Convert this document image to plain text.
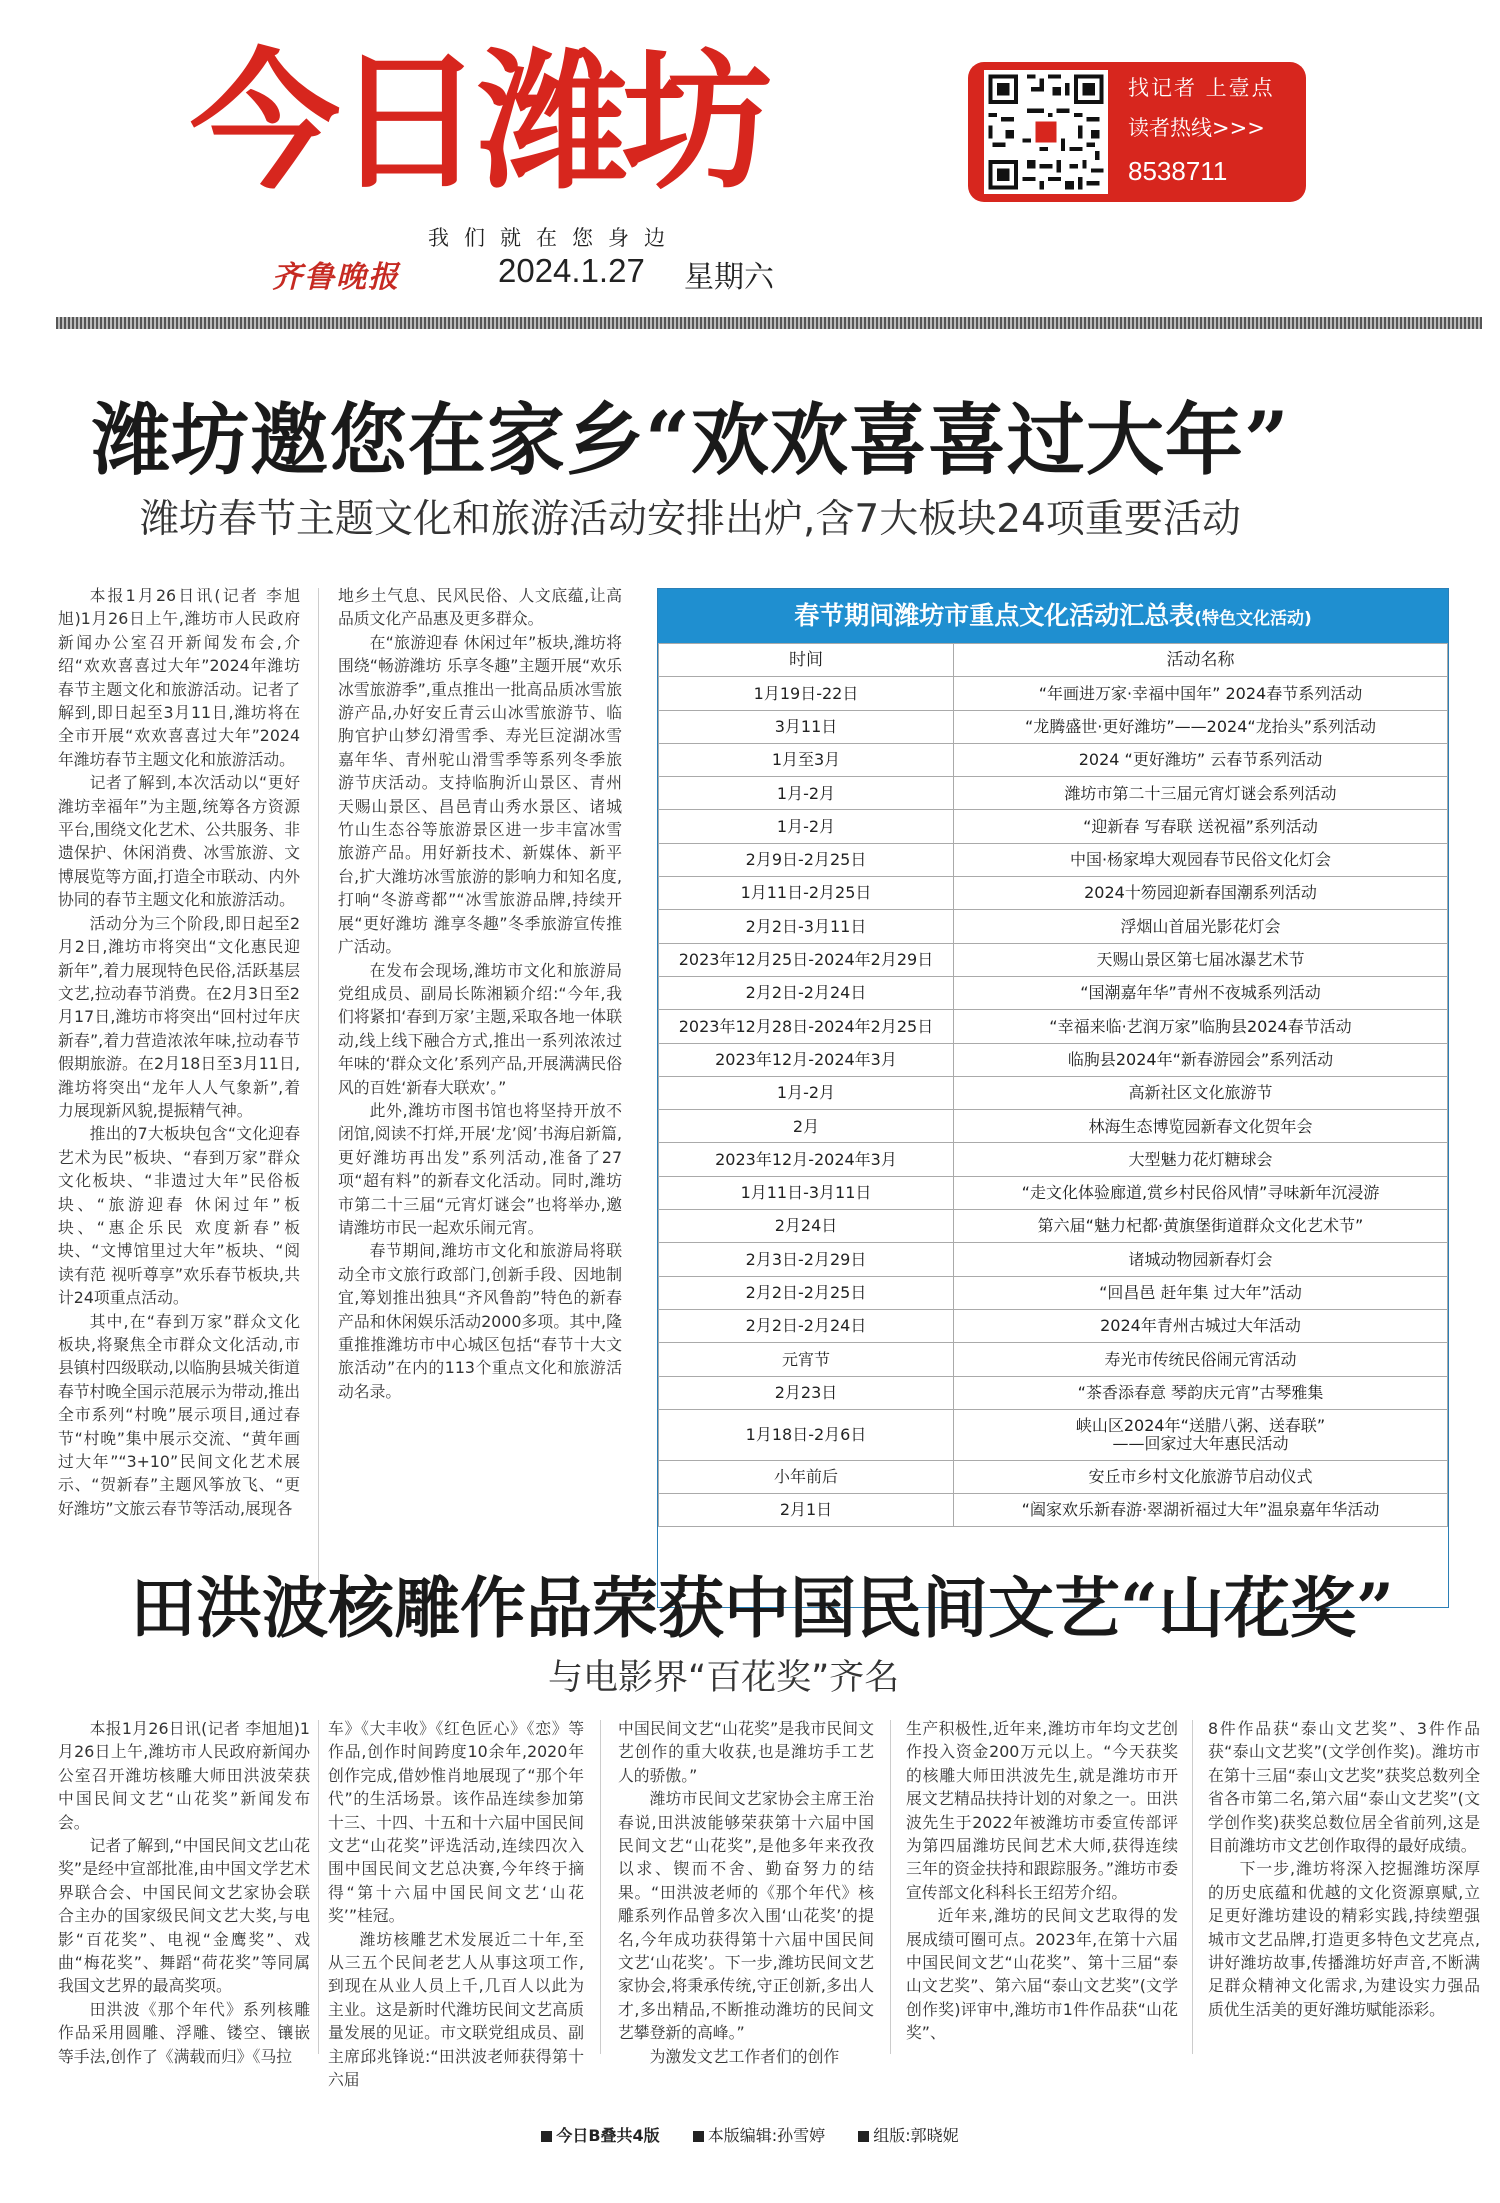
今日潍坊
我们就在您身边
齐鲁晚报	2024.1.27 星期六
找记者 上壹点
读者热线>>>
8538711
潍坊邀您在家乡“欢欢喜喜过大年”
潍坊春节主题文化和旅游活动安排出炉,含7大板块24项重要活动

本报1月26日讯(记者 李旭旭)1月26日上午,潍坊市人民政府新闻办公室召开新闻发布会,介绍“欢欢喜喜过大年”2024年潍坊春节主题文化和旅游活动。记者了解到,即日起至3月11日,潍坊将在全市开展“欢欢喜喜过大年”2024年潍坊春节主题文化和旅游活动。

记者了解到,本次活动以“更好潍坊幸福年”为主题,统筹各方资源平台,围绕文化艺术、公共服务、非遗保护、休闲消费、冰雪旅游、文博展览等方面,打造全市联动、内外协同的春节主题文化和旅游活动。

活动分为三个阶段,即日起至2月2日,潍坊市将突出“文化惠民迎新年”,着力展现特色民俗,活跃基层文艺,拉动春节消费。在2月3日至2月17日,潍坊市将突出“回村过年庆新春”,着力营造浓浓年味,拉动春节假期旅游。在2月18日至3月11日,潍坊将突出“龙年人人气象新”,着力展现新风貌,提振精气神。

推出的7大板块包含“文化迎春艺术为民”板块、“春到万家”群众文化板块、“非遗过大年”民俗板块、“旅游迎春 休闲过年”板块、“惠企乐民 欢度新春”板块、“文博馆里过大年”板块、“阅读有范 视听尊享”欢乐春节板块,共计24项重点活动。

其中,在“春到万家”群众文化板块,将聚焦全市群众文化活动,市县镇村四级联动,以临朐县城关街道春节村晚全国示范展示为带动,推出全市系列“村晚”展示项目,通过春节“村晚”集中展示交流、“黄年画 过大年”“3+10”民间文化艺术展示、“贺新春”主题风筝放飞、“更好潍坊”文旅云春节等活动,展现各

地乡土气息、民风民俗、人文底蕴,让高品质文化产品惠及更多群众。

在“旅游迎春 休闲过年”板块,潍坊将围绕“畅游潍坊 乐享冬趣”主题开展“欢乐冰雪旅游季”,重点推出一批高品质冰雪旅游产品,办好安丘青云山冰雪旅游节、临朐官护山梦幻滑雪季、寿光巨淀湖冰雪嘉年华、青州驼山滑雪季等系列冬季旅游节庆活动。支持临朐沂山景区、青州天赐山景区、昌邑青山秀水景区、诸城竹山生态谷等旅游景区进一步丰富冰雪旅游产品。用好新技术、新媒体、新平台,扩大潍坊冰雪旅游的影响力和知名度,打响“冬游鸢都”“冰雪旅游品牌,持续开展“更好潍坊 潍享冬趣”冬季旅游宣传推广活动。

在发布会现场,潍坊市文化和旅游局党组成员、副局长陈湘颖介绍:“今年,我们将紧扣‘春到万家’主题,采取各地一体联动,线上线下融合方式,推出一系列浓浓过年味的‘群众文化’系列产品,开展满满民俗风的百姓‘新春大联欢’。”

此外,潍坊市图书馆也将坚持开放不闭馆,阅读不打烊,开展‘龙’阅’书海启新篇,更好潍坊再出发”系列活动,准备了27项“超有料”的新春文化活动。同时,潍坊市第二十三届“元宵灯谜会”也将举办,邀请潍坊市民一起欢乐闹元宵。

春节期间,潍坊市文化和旅游局将联动全市文旅行政部门,创新手段、因地制宜,筹划推出独具“齐风鲁韵”特色的新春产品和休闲娱乐活动2000多项。其中,隆重推推潍坊市中心城区包括“春节十大文旅活动”在内的113个重点文化和旅游活动名录。

春节期间潍坊市重点文化活动汇总表(特色文化活动)
时间	活动名称
1月19日-22日	“年画进万家·幸福中国年” 2024春节系列活动
3月11日	“龙腾盛世·更好潍坊”——2024“龙抬头”系列活动
1月至3月	2024 “更好潍坊” 云春节系列活动
1月-2月	潍坊市第二十三届元宵灯谜会系列活动
1月-2月	“迎新春 写春联 送祝福”系列活动
2月9日-2月25日	中国·杨家埠大观园春节民俗文化灯会
1月11日-2月25日	2024十笏园迎新春国潮系列活动
2月2日-3月11日	浮烟山首届光影花灯会
2023年12月25日-2024年2月29日	天赐山景区第七届冰瀑艺术节
2月2日-2月24日	“国潮嘉年华”青州不夜城系列活动
2023年12月28日-2024年2月25日	“幸福来临·艺润万家”临朐县2024春节活动
2023年12月-2024年3月	临朐县2024年“新春游园会”系列活动
1月-2月	高新社区文化旅游节
2月	林海生态博览园新春文化贺年会
2023年12月-2024年3月	大型魅力花灯糖球会
1月11日-3月11日	“走文化体验廊道,赏乡村民俗风情”寻味新年沉浸游
2月24日	第六届“魅力杞都·黄旗堡街道群众文化艺术节”
2月3日-2月29日	诸城动物园新春灯会
2月2日-2月25日	“回昌邑 赶年集 过大年”活动
2月2日-2月24日	2024年青州古城过大年活动
元宵节	寿光市传统民俗闹元宵活动
2月23日	“茶香添春意 琴韵庆元宵”古琴雅集
1月18日-2月6日	峡山区2024年“送腊八粥、送春联”
——回家过大年惠民活动

小年前后	安丘市乡村文化旅游节启动仪式
2月1日	“阖家欢乐新春游·翠湖祈福过大年”温泉嘉年华活动
田洪波核雕作品荣获中国民间文艺“山花奖”
与电影界“百花奖”齐名

本报1月26日讯(记者 李旭旭)1月26日上午,潍坊市人民政府新闻办公室召开潍坊核雕大师田洪波荣获中国民间文艺“山花奖”新闻发布会。

记者了解到,“中国民间文艺山花奖”是经中宣部批准,由中国文学艺术界联合会、中国民间文艺家协会联合主办的国家级民间文艺大奖,与电影“百花奖”、电视“金鹰奖”、戏曲“梅花奖”、舞蹈“荷花奖”等同属我国文艺界的最高奖项。

田洪波《那个年代》系列核雕作品采用圆雕、浮雕、镂空、镶嵌等手法,创作了《满载而归》《马拉

车》《大丰收》《红色匠心》《恋》等作品,创作时间跨度10余年,2020年创作完成,借妙惟肖地展现了“那个年代”的生活场景。该作品连续参加第十三、十四、十五和十六届中国民间文艺“山花奖”评选活动,连续四次入围中国民间文艺总决赛,今年终于摘得“第十六届中国民间文艺‘山花奖’”桂冠。

潍坊核雕艺术发展近二十年,至从三五个民间老艺人从事这项工作,到现在从业人员上千,几百人以此为主业。这是新时代潍坊民间文艺高质量发展的见证。市文联党组成员、副主席邱兆锋说:“田洪波老师获得第十六届

中国民间文艺“山花奖”是我市民间文艺创作的重大收获,也是潍坊手工艺人的骄傲。”

潍坊市民间文艺家协会主席王治春说,田洪波能够荣获第十六届中国民间文艺“山花奖”,是他多年来孜孜以求、锲而不舍、勤奋努力的结果。“田洪波老师的《那个年代》核雕系列作品曾多次入围‘山花奖’的提名,今年成功获得第十六届中国民间文艺‘山花奖’。下一步,潍坊民间文艺家协会,将秉承传统,守正创新,多出人才,多出精品,不断推动潍坊的民间文艺攀登新的高峰。”

为激发文艺工作者们的创作

生产积极性,近年来,潍坊市年均文艺创作投入资金200万元以上。“今天获奖的核雕大师田洪波先生,就是潍坊市开展文艺精品扶持计划的对象之一。田洪波先生于2022年被潍坊市委宣传部评为第四届潍坊民间艺术大师,获得连续三年的资金扶持和跟踪服务。”潍坊市委宣传部文化科科长王绍芳介绍。

近年来,潍坊的民间文艺取得的发展成绩可圈可点。2023年,在第十六届中国民间文艺“山花奖”、第十三届“泰山文艺奖”、第六届“泰山文艺奖”(文学创作奖)评审中,潍坊市1件作品获“山花奖”、

8件作品获“泰山文艺奖”、3件作品获“泰山文艺奖”(文学创作奖)。潍坊市在第十三届“泰山文艺奖”获奖总数列全省各市第二名,第六届“泰山文艺奖”(文学创作奖)获奖总数位居全省前列,这是目前潍坊市文艺创作取得的最好成绩。

下一步,潍坊将深入挖掘潍坊深厚的历史底蕴和优越的文化资源禀赋,立足更好潍坊建设的精彩实践,持续塑强城市文艺品牌,打造更多特色文艺亮点,讲好潍坊故事,传播潍坊好声音,不断满足群众精神文化需求,为建设实力强品质优生活美的更好潍坊赋能添彩。

今日B叠共4版	本版编辑:孙雪婷	组版:郭晓妮
